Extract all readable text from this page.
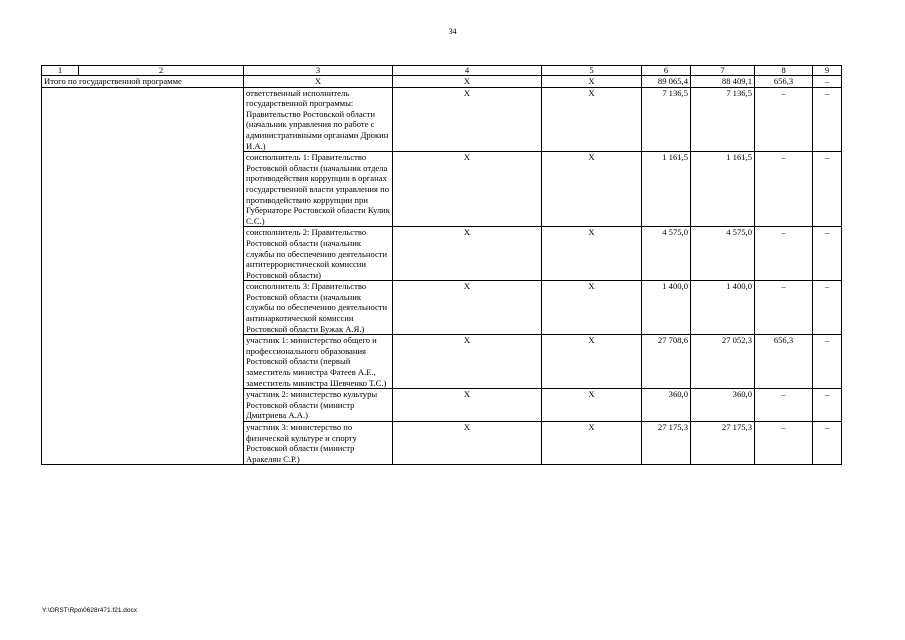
34
1	2	3	4	5	6	7	8	9
Итого по государственной программе		Х	Х	Х	89 065,4	88 409,1	656,3	–
		ответственный исполнитель государственной программы: Правительство Ростовской области (начальник управления по работе с административными органами Дрокин И.А.)	Х	Х	7 136,5	7 136,5	–	–
		соисполнитель 1: Правительство Ростовской области (начальник отдела противодействия коррупции в органах государственной власти управления по противодействию коррупции при Губернаторе Ростовской области Кулик С.С.)	Х	Х	1 161,5	1 161,5	–	–
		соисполнитель 2: Правительство Ростовской области (начальник службы по обеспечению деятельности антитеррористической комиссии Ростовской области)	Х	Х	4 575,0	4 575,0	–	–
		соисполнитель 3: Правительство Ростовской области (начальник службы по обеспечению деятельности антинаркотической комиссии Ростовской области Бужак А.Я.)	Х	Х	1 400,0	1 400,0	–	–
		участник 1: министерство общего и профессионального образования Ростовской области (первый заместитель министра Фатеев А.Е., заместитель министра Шевченко Т.С.)	Х	Х	27 708,6	27 052,3	656,3	–
		участник 2: министерство культуры Ростовской области (министр Дмитриева А.А.)	Х	Х	360,0	360,0	–	–
		участник 3: министерство по физической культуре и спорту Ростовской области (министр Аракелян С.Р.)	Х	Х	27 175,3	27 175,3	–	–
Y:\ORST\Rpo\0628r471.f21.docx
